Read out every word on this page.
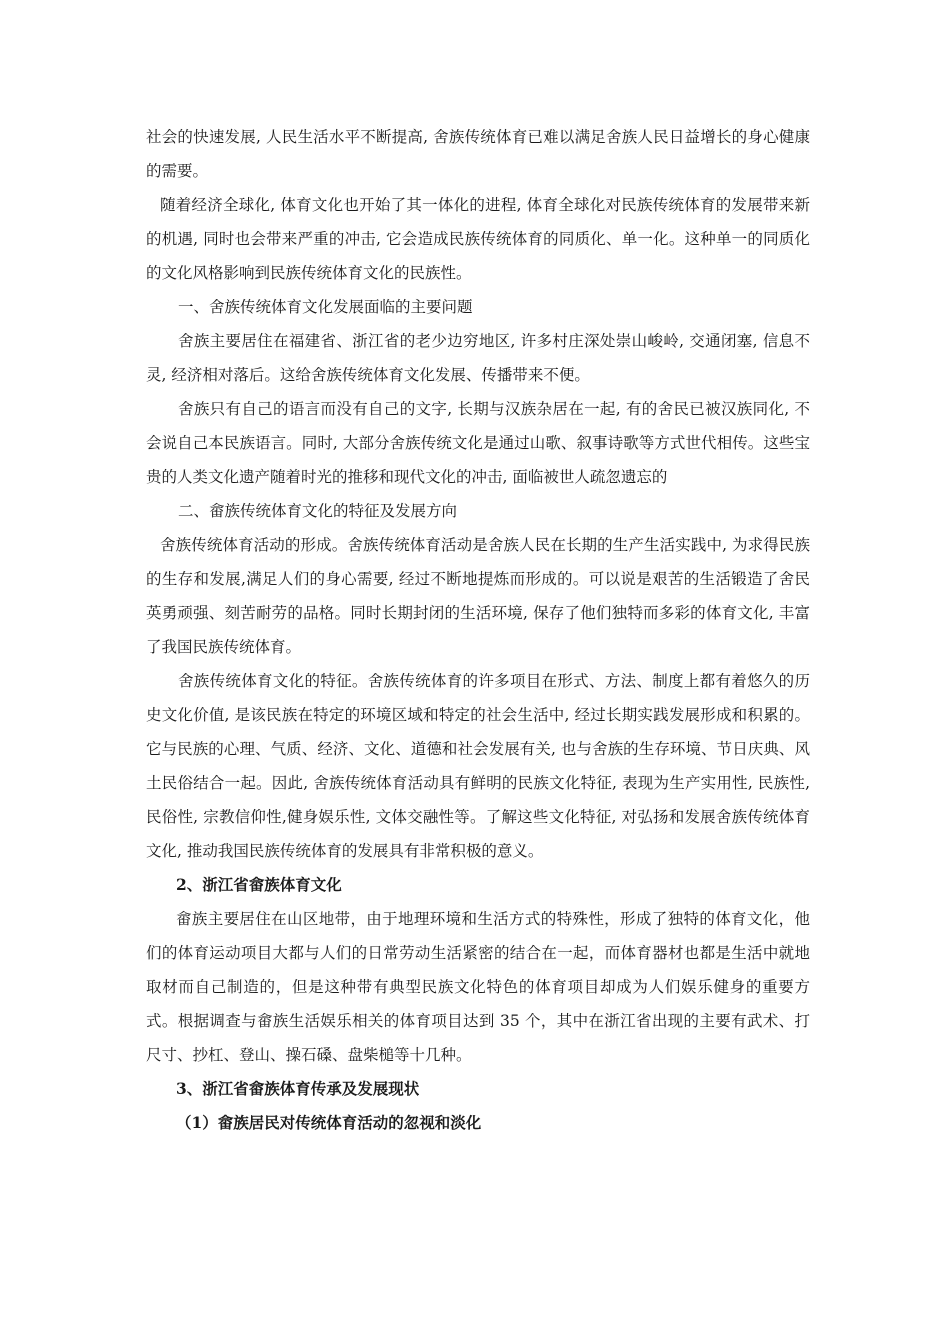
社会的快速发展, 人民生活水平不断提高, 舍族传统体育已难以满足舍族人民日益增长的身心健康的需要。

随着经济全球化, 体育文化也开始了其一体化的进程, 体育全球化对民族传统体育的发展带来新的机遇, 同时也会带来严重的冲击, 它会造成民族传统体育的同质化、单一化。这种单一的同质化的文化风格影响到民族传统体育文化的民族性。

一、舍族传统体育文化发展面临的主要问题

舍族主要居住在福建省、浙江省的老少边穷地区, 许多村庄深处崇山峻岭, 交通闭塞, 信息不灵, 经济相对落后。这给舍族传统体育文化发展、传播带来不便。

舍族只有自己的语言而没有自己的文字, 长期与汉族杂居在一起, 有的舍民已被汉族同化, 不会说自己本民族语言。同时, 大部分舍族传统文化是通过山歌、叙事诗歌等方式世代相传。这些宝贵的人类文化遗产随着时光的推移和现代文化的冲击, 面临被世人疏忽遗忘的

二、畲族传统体育文化的特征及发展方向

舍族传统体育活动的形成。舍族传统体育活动是舍族人民在长期的生产生活实践中, 为求得民族的生存和发展,满足人们的身心需要, 经过不断地提炼而形成的。可以说是艰苦的生活锻造了舍民英勇顽强、刻苦耐劳的品格。同时长期封闭的生活环境, 保存了他们独特而多彩的体育文化, 丰富了我国民族传统体育。

舍族传统体育文化的特征。舍族传统体育的许多项目在形式、方法、制度上都有着悠久的历史文化价值, 是该民族在特定的环境区域和特定的社会生活中, 经过长期实践发展形成和积累的。它与民族的心理、气质、经济、文化、道德和社会发展有关, 也与舍族的生存环境、节日庆典、风土民俗结合一起。因此, 舍族传统体育活动具有鲜明的民族文化特征, 表现为生产实用性, 民族性, 民俗性, 宗教信仰性,健身娱乐性, 文体交融性等。了解这些文化特征, 对弘扬和发展舍族传统体育文化, 推动我国民族传统体育的发展具有非常积极的意义。

2、浙江省畲族体育文化

畲族主要居住在山区地带，由于地理环境和生活方式的特殊性，形成了独特的体育文化，他们的体育运动项目大都与人们的日常劳动生活紧密的结合在一起，而体育器材也都是生活中就地取材而自己制造的，但是这种带有典型民族文化特色的体育项目却成为人们娱乐健身的重要方式。根据调查与畲族生活娱乐相关的体育项目达到 35 个，其中在浙江省出现的主要有武术、打尺寸、抄杠、登山、操石磉、盘柴槌等十几种。

3、浙江省畲族体育传承及发展现状

（1）畲族居民对传统体育活动的忽视和淡化
